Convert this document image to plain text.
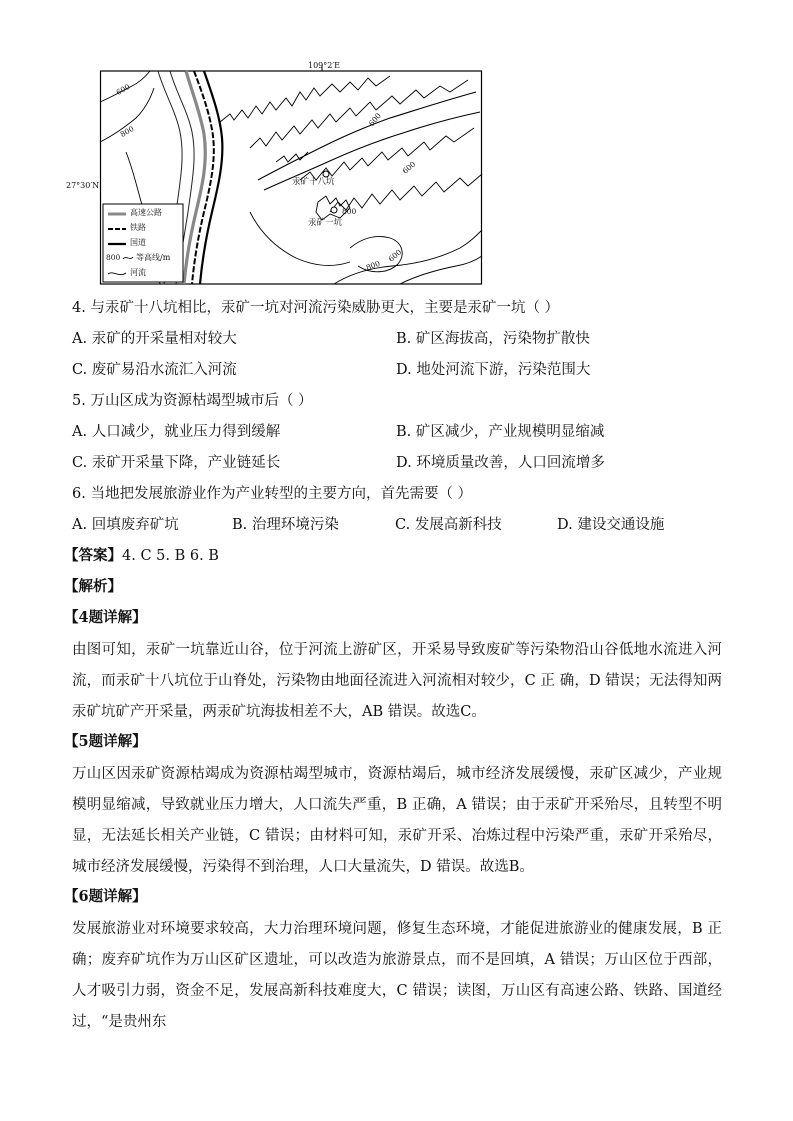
109°2′E
27°30′N
高速公路
铁路
国道
800 等高线/m
河流
汞矿十八坑
汞矿一坑
600
800
600
600
800
800
600
4. 与汞矿十八坑相比，汞矿一坑对河流污染威胁更大，主要是汞矿一坑（ ）
A. 汞矿的开采量相对较大	B. 矿区海拔高，污染物扩散快
C. 废矿易沿水流汇入河流	D. 地处河流下游，污染范围大
5. 万山区成为资源枯竭型城市后（ ）
A. 人口减少，就业压力得到缓解	B. 矿区减少，产业规模明显缩减
C. 汞矿开采量下降，产业链延长	D. 环境质量改善，人口回流增多
6. 当地把发展旅游业作为产业转型的主要方向，首先需要（ ）
A. 回填废弃矿坑	B. 治理环境污染	C. 发展高新科技	D. 建设交通设施
【答案】4. C 5. B 6. B
【解析】
【4题详解】
由图可知，汞矿一坑靠近山谷，位于河流上游矿区，开采易导致废矿等污染物沿山谷低地水流进入河流，而汞矿十八坑位于山脊处，污染物由地面径流进入河流相对较少，C 正 确，D 错误；无法得知两汞矿坑矿产开采量，两汞矿坑海拔相差不大，AB 错误。故选C。
【5题详解】
万山区因汞矿资源枯竭成为资源枯竭型城市，资源枯竭后，城市经济发展缓慢，汞矿区减少，产业规模明显缩减，导致就业压力增大，人口流失严重，B 正确，A 错误；由于汞矿开采殆尽，且转型不明显，无法延长相关产业链，C 错误；由材料可知，汞矿开采、冶炼过程中污染严重，汞矿开采殆尽，城市经济发展缓慢，污染得不到治理，人口大量流失，D 错误。故选B。
【6题详解】
发展旅游业对环境要求较高，大力治理环境问题，修复生态环境，才能促进旅游业的健康发展，B 正确；废弃矿坑作为万山区矿区遗址，可以改造为旅游景点，而不是回填，A 错误；万山区位于西部，人才吸引力弱，资金不足，发展高新科技难度大，C 错误；读图，万山区有高速公路、铁路、国道经过，“是贵州东
